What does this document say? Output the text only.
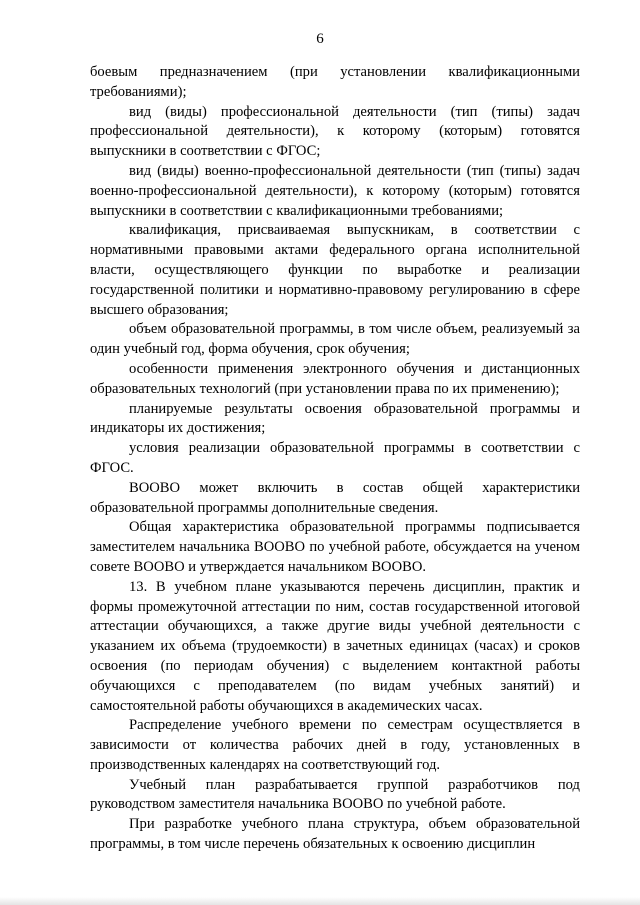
6

боевым предназначением (при установлении квалификационными требованиями);

вид (виды) профессиональной деятельности (тип (типы) задач профессиональной деятельности), к которому (которым) готовятся выпускники в соответствии с ФГОС;

вид (виды) военно-профессиональной деятельности (тип (типы) задач военно-профессиональной деятельности), к которому (которым) готовятся выпускники в соответствии с квалификационными требованиями;

квалификация, присваиваемая выпускникам, в соответствии с нормативными правовыми актами федерального органа исполнительной власти, осуществляющего функции по выработке и реализации государственной политики и нормативно-правовому регулированию в сфере высшего образования;

объем образовательной программы, в том числе объем, реализуемый за один учебный год, форма обучения, срок обучения;

особенности применения электронного обучения и дистанционных образовательных технологий (при установлении права по их применению);

планируемые результаты освоения образовательной программы и индикаторы их достижения;

условия реализации образовательной программы в соответствии с ФГОС.

ВООВО может включить в состав общей характеристики образовательной программы дополнительные сведения.

Общая характеристика образовательной программы подписывается заместителем начальника ВООВО по учебной работе, обсуждается на ученом совете ВООВО и утверждается начальником ВООВО.

13. В учебном плане указываются перечень дисциплин, практик и формы промежуточной аттестации по ним, состав государственной итоговой аттестации обучающихся, а также другие виды учебной деятельности с указанием их объема (трудоемкости) в зачетных единицах (часах) и сроков освоения (по периодам обучения) с выделением контактной работы обучающихся с преподавателем (по видам учебных занятий) и самостоятельной работы обучающихся в академических часах.

Распределение учебного времени по семестрам осуществляется в зависимости от количества рабочих дней в году, установленных в производственных календарях на соответствующий год.

Учебный план разрабатывается группой разработчиков под руководством заместителя начальника ВООВО по учебной работе.

При разработке учебного плана структура, объем образовательной программы, в том числе перечень обязательных к освоению дисциплин
